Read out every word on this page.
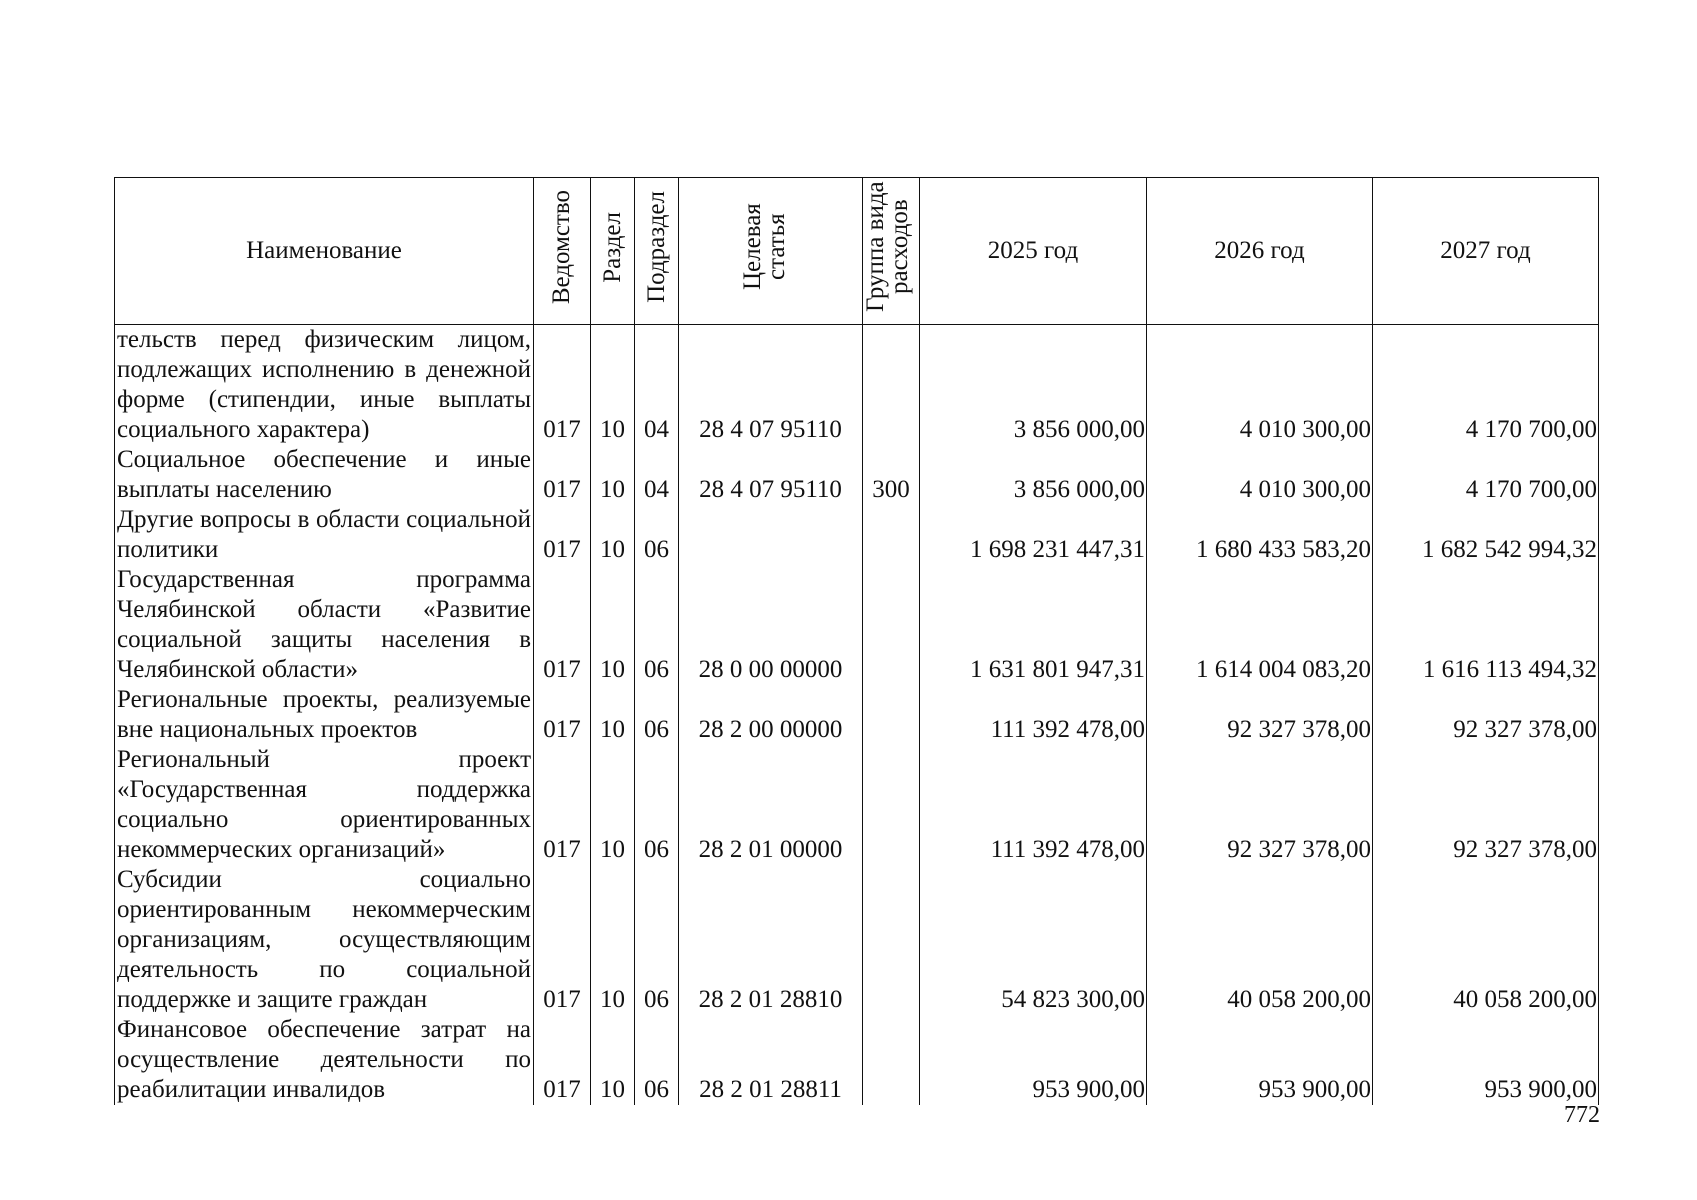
Наименование	Ведомство	Раздел	Подраздел	Целевая статья	Группа вида расходов	2025 год	2026 год	2027 год
тельств перед физическим лицом, подлежащих исполнению в денежной форме (стипендии, иные выплаты социального характера)	017	10	04	28 4 07 95110		3 856 000,00	4 010 300,00	4 170 700,00
Социальное обеспечение и иные выплаты населению	017	10	04	28 4 07 95110	300	3 856 000,00	4 010 300,00	4 170 700,00
Другие вопросы в области социальной политики	017	10	06			1 698 231 447,31	1 680 433 583,20	1 682 542 994,32
Государственная программа Челябинской области «Развитие социальной защиты населения в Челябинской области»	017	10	06	28 0 00 00000		1 631 801 947,31	1 614 004 083,20	1 616 113 494,32
Региональные проекты, реализуемые вне национальных проектов	017	10	06	28 2 00 00000		111 392 478,00	92 327 378,00	92 327 378,00
Региональный проект «Государственная поддержка социально ориентированных некоммерческих организаций»	017	10	06	28 2 01 00000		111 392 478,00	92 327 378,00	92 327 378,00
Субсидии социально ориентированным некоммерческим организациям, осуществляющим деятельность по социальной поддержке и защите граждан	017	10	06	28 2 01 28810		54 823 300,00	40 058 200,00	40 058 200,00
Финансовое обеспечение затрат на осуществление деятельности по реабилитации инвалидов	017	10	06	28 2 01 28811		953 900,00	953 900,00	953 900,00
772
